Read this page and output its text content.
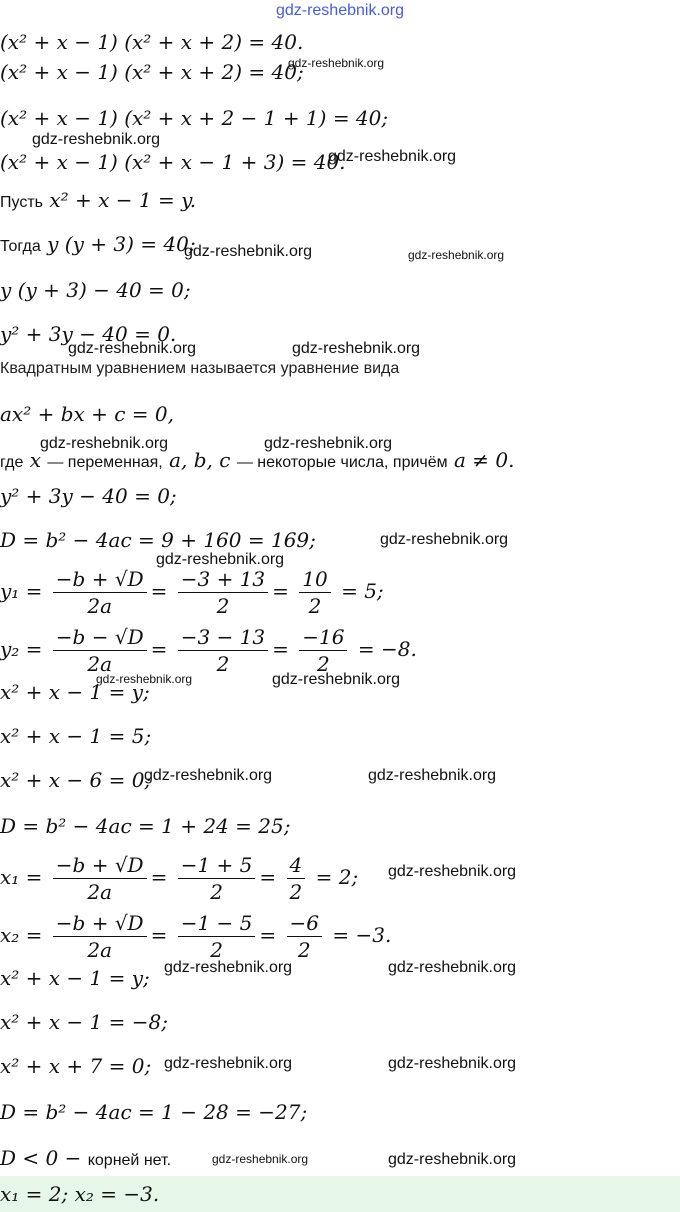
gdz-reshebnik.org
(x² + x − 1) (x² + x + 2) = 40.
(x² + x − 1) (x² + x + 2) = 40;
(x² + x − 1) (x² + x + 2 − 1 + 1) = 40;
(x² + x − 1) (x² + x − 1 + 3) = 40.
Пусть x² + x − 1 = y.
Тогда y (y + 3) = 40;
y (y + 3) − 40 = 0;
y² + 3y − 40 = 0.
Квадратным уравнением называется уравнение вида
ax² + bx + c = 0,
где x — переменная, a, b, c — некоторые числа, причём a ≠ 0.
y² + 3y − 40 = 0;
D = b² − 4ac = 9 + 160 = 169;
$y_1 = \frac{-b + √D}{2a} = \frac{-3 + 13}{2} = \frac{10}{2} = 5$;
$y_2 = \frac{-b - √D}{2a} = \frac{-3 - 13}{2} = \frac{-16}{2} = -8$.
x² + x − 1 = y;
x² + x − 1 = 5;
x² + x − 6 = 0;
D = b² − 4ac = 1 + 24 = 25;
$x_1 = \frac{-b + √D}{2a} = \frac{-1 + 5}{2} = \frac{4}{2} = 2$;
$x_2 = \frac{-b + √D}{2a} = \frac{-1 - 5}{2} = \frac{-6}{2} = -3$.
x² + x − 1 = y;
x² + x − 1 = −8;
x² + x + 7 = 0;
D = b² − 4ac = 1 − 28 = −27;
D < 0 − корней нет.
x₁ = 2; x₂ = −3.
gdz-reshebnik.org
gdz-reshebnik.org
gdz-reshebnik.org
gdz-reshebnik.org	gdz-reshebnik.org
gdz-reshebnik.org	gdz-reshebnik.org
gdz-reshebnik.org	gdz-reshebnik.org
gdz-reshebnik.org
gdz-reshebnik.org
gdz-reshebnik.org	gdz-reshebnik.org
gdz-reshebnik.org	gdz-reshebnik.org
gdz-reshebnik.org
gdz-reshebnik.org	gdz-reshebnik.org
gdz-reshebnik.org	gdz-reshebnik.org
gdz-reshebnik.org	gdz-reshebnik.org
